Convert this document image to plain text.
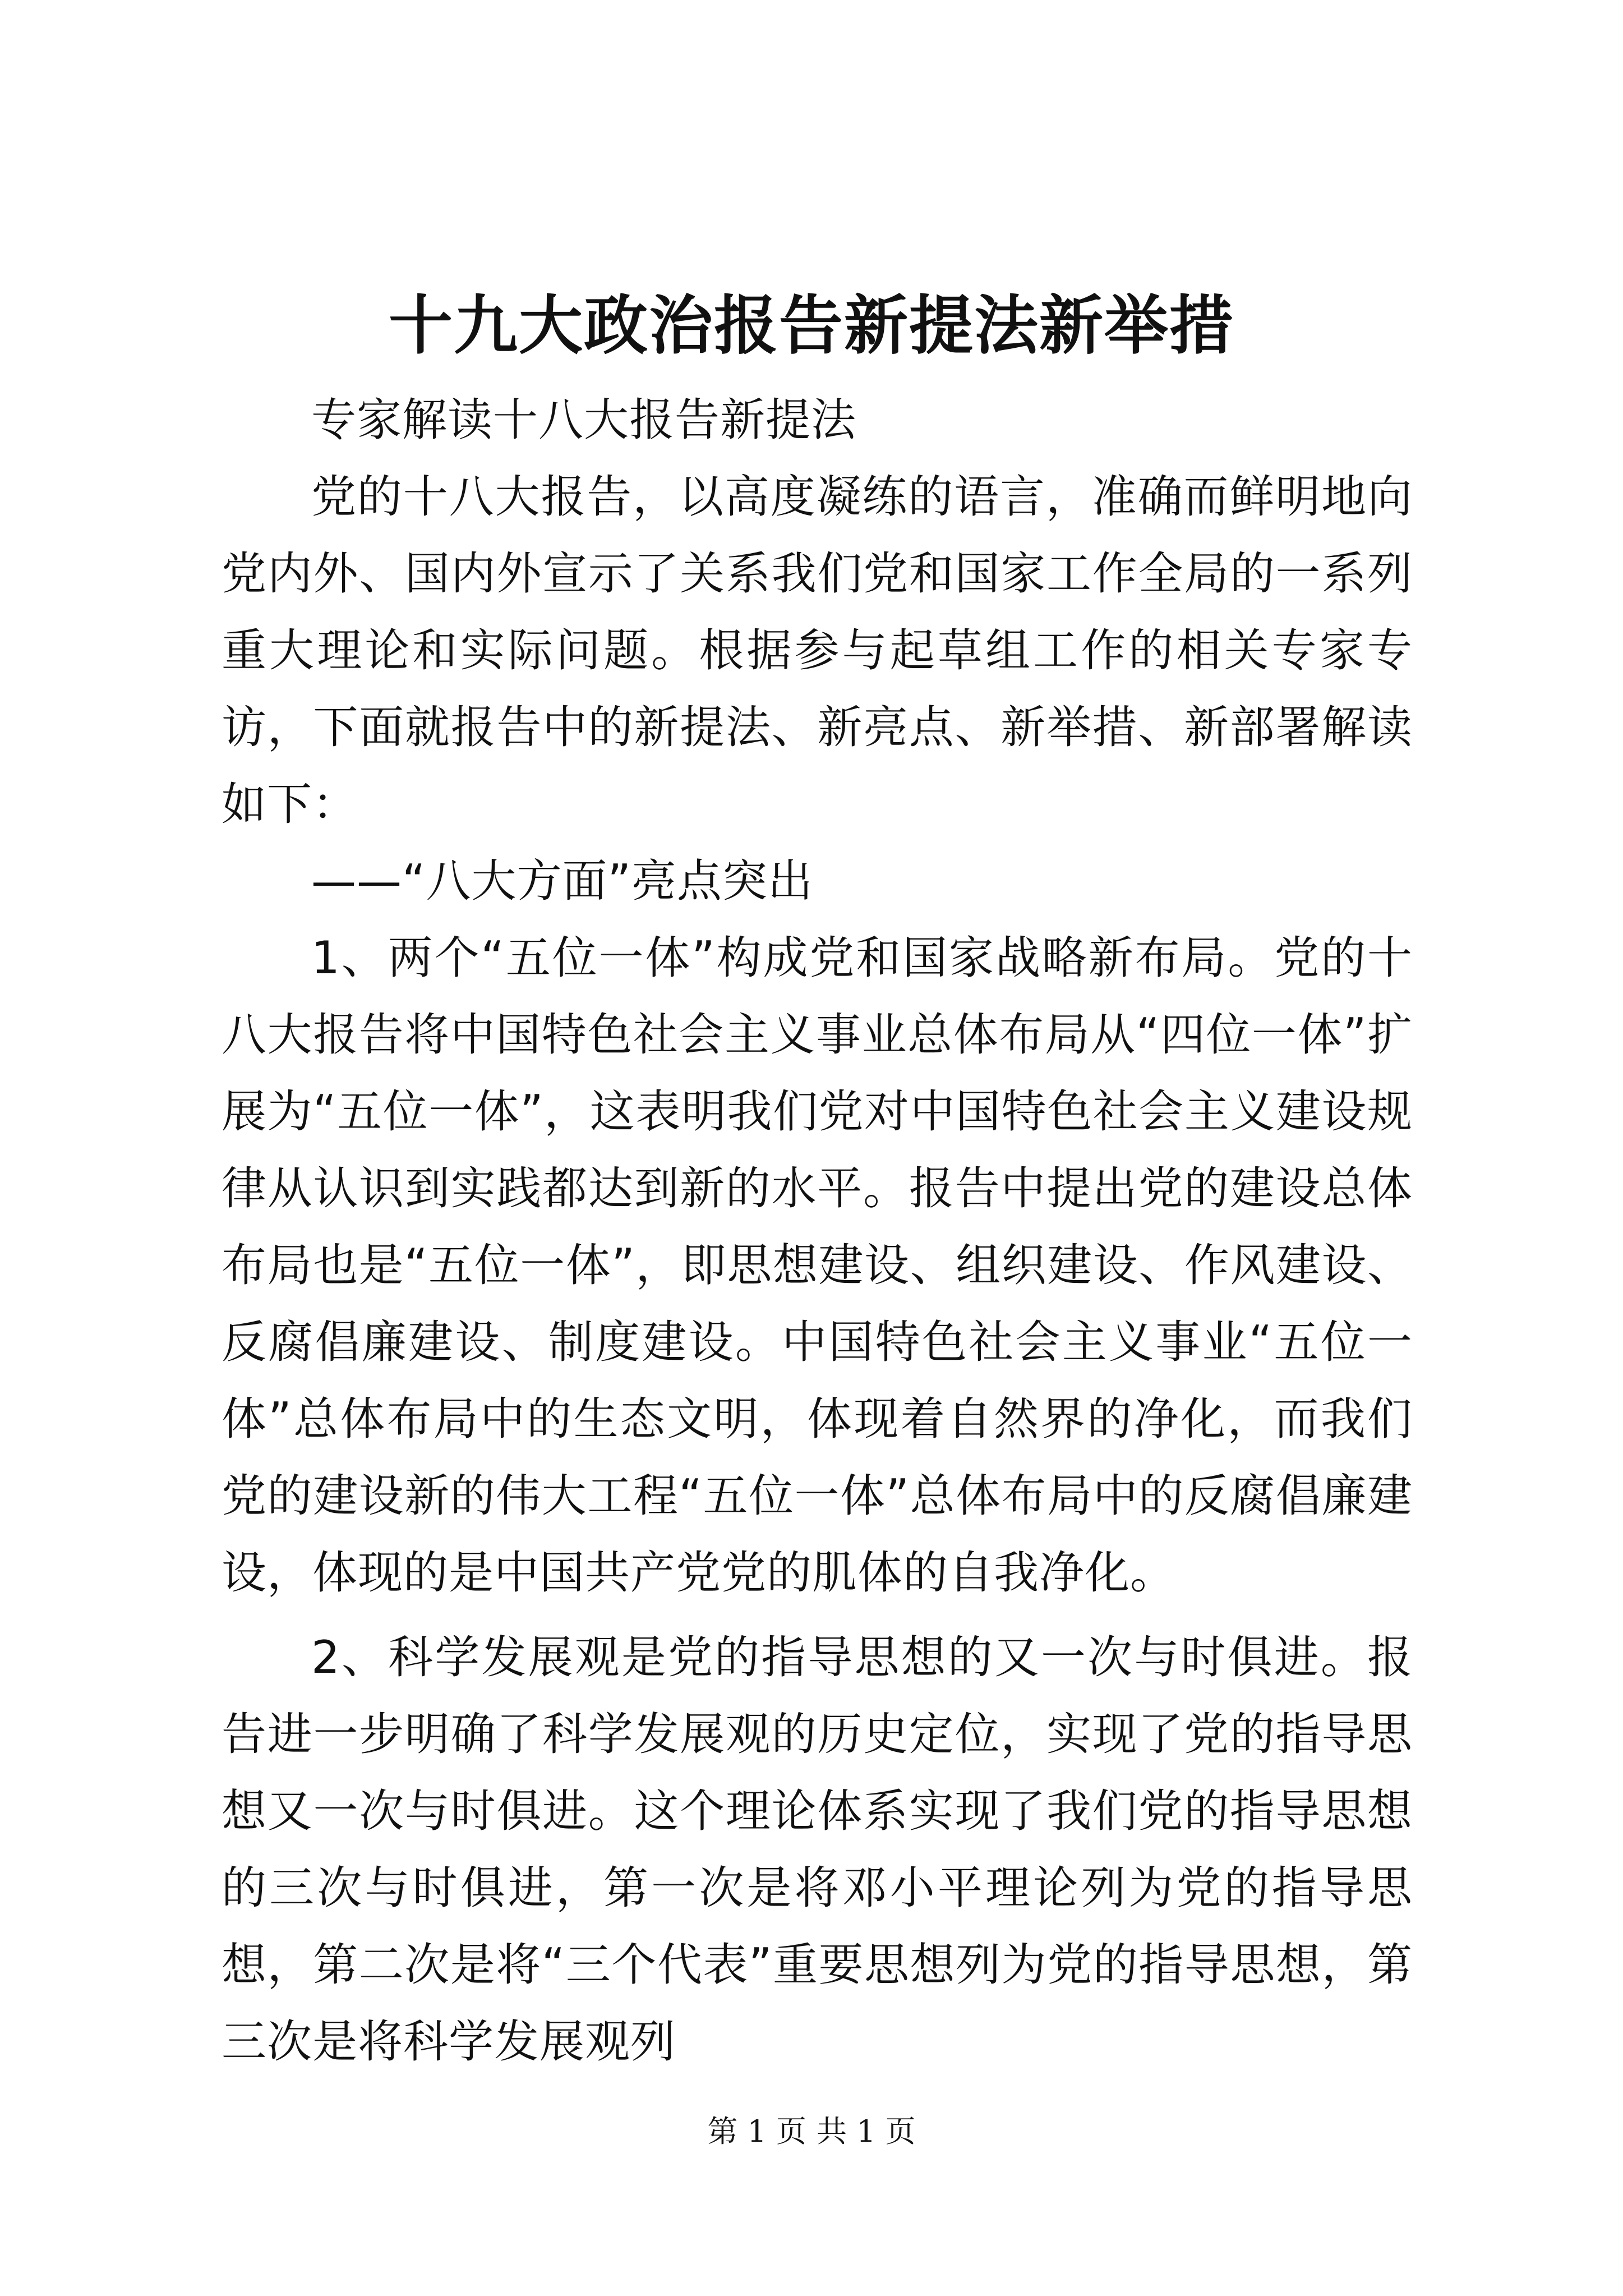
十九大政治报告新提法新举措

专家解读十八大报告新提法

党的十八大报告，以高度凝练的语言，准确而鲜明地向党内外、国内外宣示了关系我们党和国家工作全局的一系列重大理论和实际问题。根据参与起草组工作的相关专家专访，下面就报告中的新提法、新亮点、新举措、新部署解读如下：

——“八大方面”亮点突出

1、两个“五位一体”构成党和国家战略新布局。党的十八大报告将中国特色社会主义事业总体布局从“四位一体”扩展为“五位一体”，这表明我们党对中国特色社会主义建设规律从认识到实践都达到新的水平。报告中提出党的建设总体布局也是“五位一体”，即思想建设、组织建设、作风建设、反腐倡廉建设、制度建设。中国特色社会主义事业“五位一体”总体布局中的生态文明，体现着自然界的净化，而我们党的建设新的伟大工程“五位一体”总体布局中的反腐倡廉建设，体现的是中国共产党党的肌体的自我净化。

2、科学发展观是党的指导思想的又一次与时俱进。报告进一步明确了科学发展观的历史定位，实现了党的指导思想又一次与时俱进。这个理论体系实现了我们党的指导思想的三次与时俱进，第一次是将邓小平理论列为党的指导思想，第二次是将“三个代表”重要思想列为党的指导思想，第三次是将科学发展观列

第 1 页 共 1 页
